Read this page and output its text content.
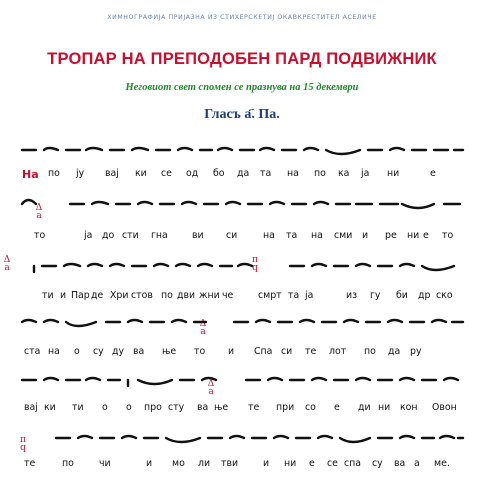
ХИМНОГРАФИЈА ПРИЈАЗНА ИЗ СТИХЕРСКЕТИЈ ОКАВКРЕСТИТЕЛ АСЕЛИЧЕ
ТРОПАР НА ПРЕПОДОБЕН ПАРД ПОДВИЖНИК
Неговиот свет спомен се празнува на 15 декември
Гласъ а҃. Па.
На по ју вај ки се од бо да та на по ка ја ни	е
Δ
а
то	ја до сти гна	ви си	на та на сми и ре ни е то
Δ
а
π
q
ти и Пар де Хри стов по дви жни че	смрт та ја	из гу би др ско
Δ
а
ста на о су ду ва ње то и Спа си те лот по да ру
Δ
а
вај ки ти о о про сту ва ње те при со е ди ни кон Овон
π
q
те	по	чи	и мо ли тви	и ни е се спа су ва а ме.
